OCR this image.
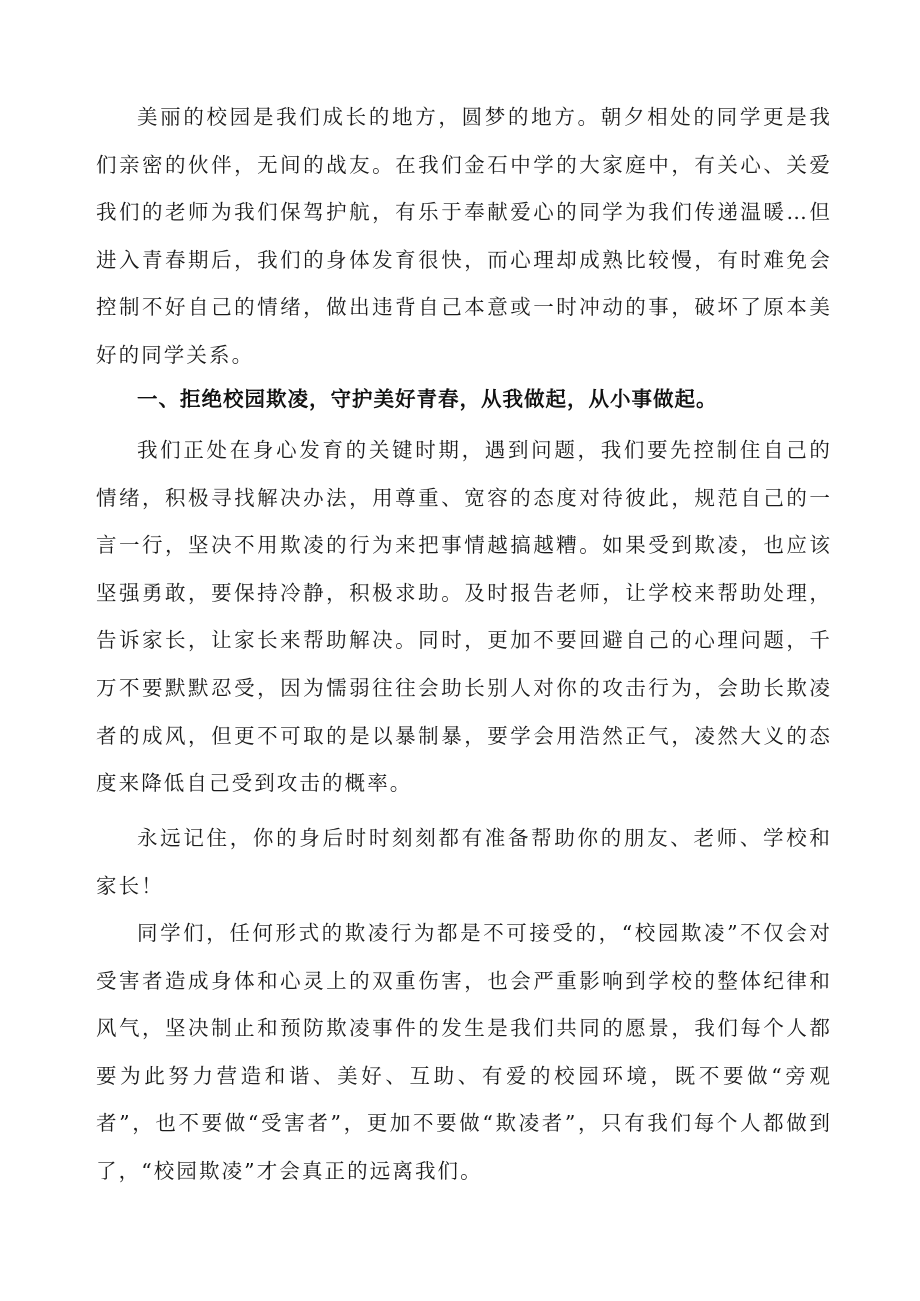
美丽的校园是我们成长的地方，圆梦的地方。朝夕相处的同学更是我们亲密的伙伴，无间的战友。在我们金石中学的大家庭中，有关心、关爱我们的老师为我们保驾护航，有乐于奉献爱心的同学为我们传递温暖…但进入青春期后，我们的身体发育很快，而心理却成熟比较慢，有时难免会控制不好自己的情绪，做出违背自己本意或一时冲动的事，破坏了原本美好的同学关系。

一、拒绝校园欺凌，守护美好青春，从我做起，从小事做起。

我们正处在身心发育的关键时期，遇到问题，我们要先控制住自己的情绪，积极寻找解决办法，用尊重、宽容的态度对待彼此，规范自己的一言一行，坚决不用欺凌的行为来把事情越搞越糟。如果受到欺凌，也应该坚强勇敢，要保持冷静，积极求助。及时报告老师，让学校来帮助处理，告诉家长，让家长来帮助解决。同时，更加不要回避自己的心理问题，千万不要默默忍受，因为懦弱往往会助长别人对你的攻击行为，会助长欺凌者的成风，但更不可取的是以暴制暴，要学会用浩然正气，凌然大义的态度来降低自己受到攻击的概率。

永远记住，你的身后时时刻刻都有准备帮助你的朋友、老师、学校和家长！

同学们，任何形式的欺凌行为都是不可接受的，“校园欺凌”不仅会对受害者造成身体和心灵上的双重伤害，也会严重影响到学校的整体纪律和风气，坚决制止和预防欺凌事件的发生是我们共同的愿景，我们每个人都要为此努力营造和谐、美好、互助、有爱的校园环境，既不要做“旁观者”，也不要做“受害者”，更加不要做“欺凌者”，只有我们每个人都做到了，“校园欺凌”才会真正的远离我们。
